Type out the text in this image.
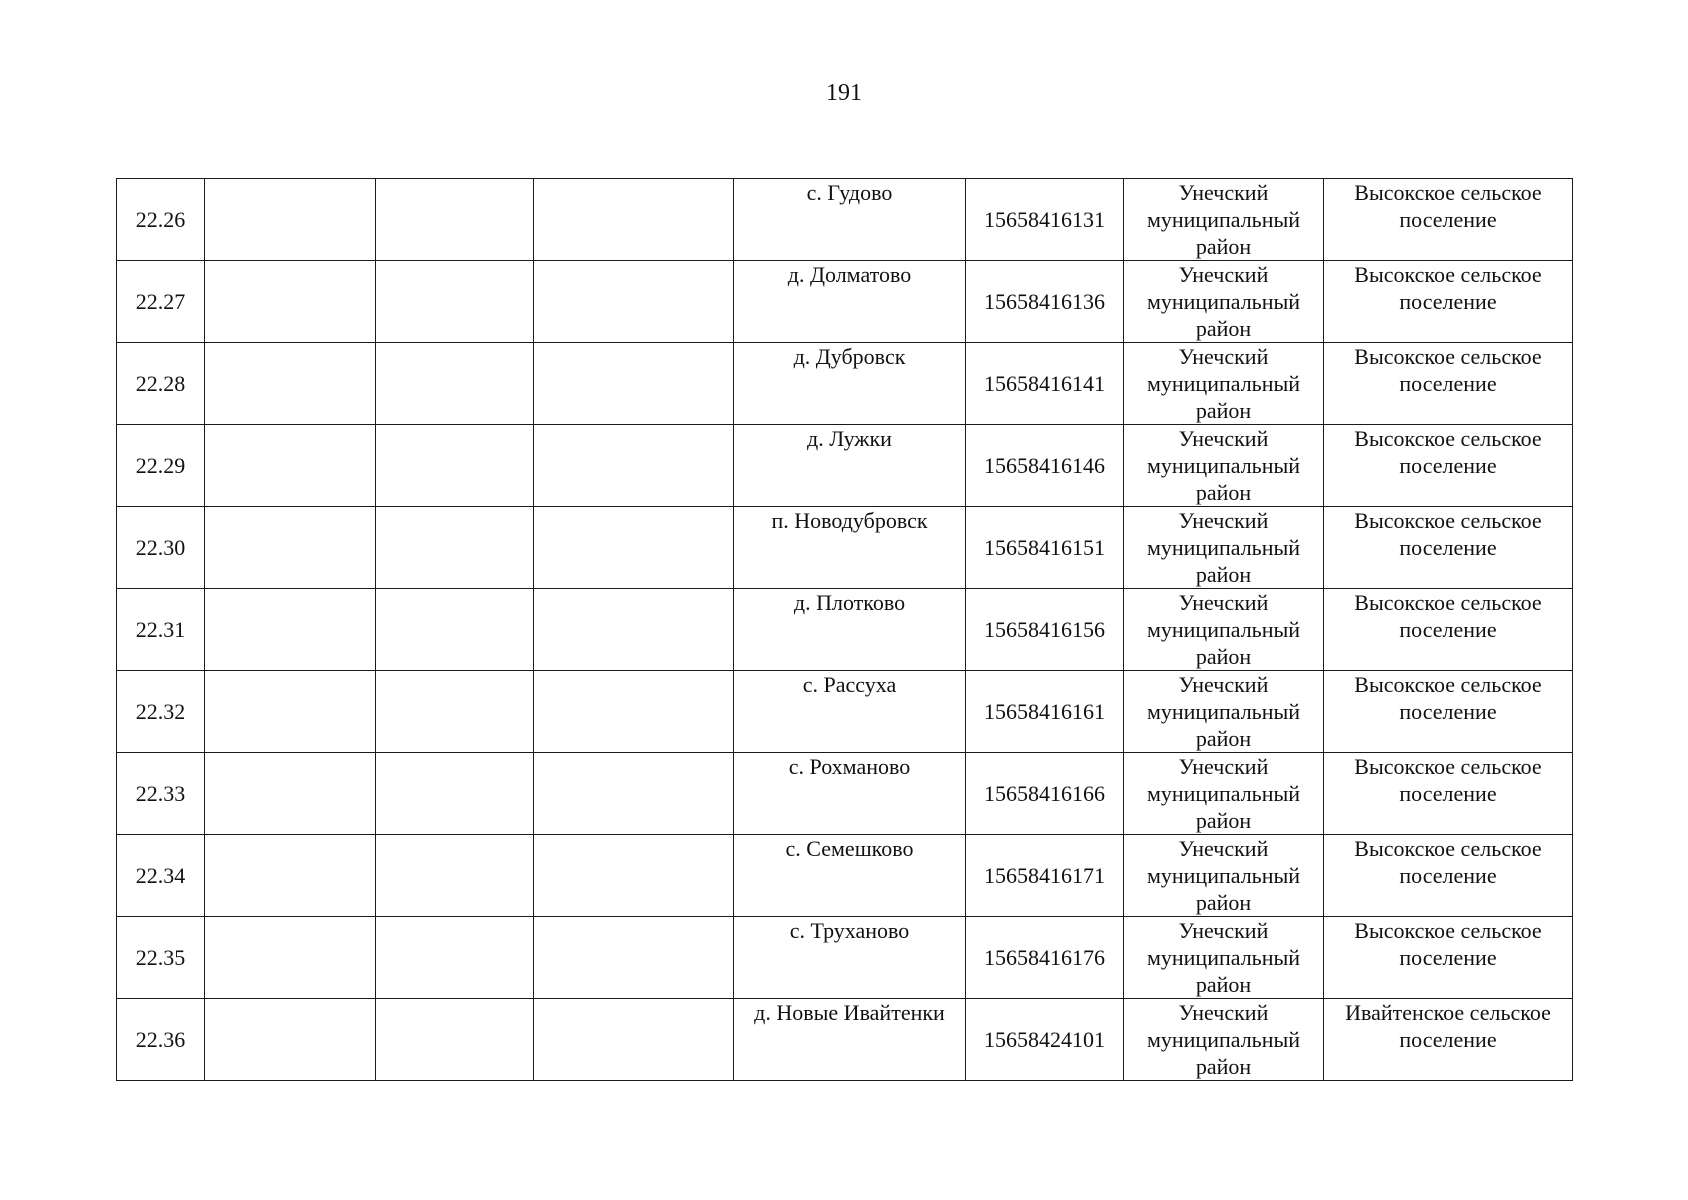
191
22.26				с. Гудово	15658416131	Унечский
муниципальный
район	Высокское сельское
поселение

22.27				д. Долматово	15658416136	Унечский
муниципальный
район	Высокское сельское
поселение

22.28				д. Дубровск	15658416141	Унечский
муниципальный
район	Высокское сельское
поселение

22.29				д. Лужки	15658416146	Унечский
муниципальный
район	Высокское сельское
поселение

22.30				п. Новодубровск	15658416151	Унечский
муниципальный
район	Высокское сельское
поселение

22.31				д. Плотково	15658416156	Унечский
муниципальный
район	Высокское сельское
поселение

22.32				с. Рассуха	15658416161	Унечский
муниципальный
район	Высокское сельское
поселение

22.33				с. Рохманово	15658416166	Унечский
муниципальный
район	Высокское сельское
поселение

22.34				с. Семешково	15658416171	Унечский
муниципальный
район	Высокское сельское
поселение

22.35				с. Труханово	15658416176	Унечский
муниципальный
район	Высокское сельское
поселение

22.36				д. Новые Ивайтенки	15658424101	Унечский
муниципальный
район	Ивайтенское сельское
поселение
